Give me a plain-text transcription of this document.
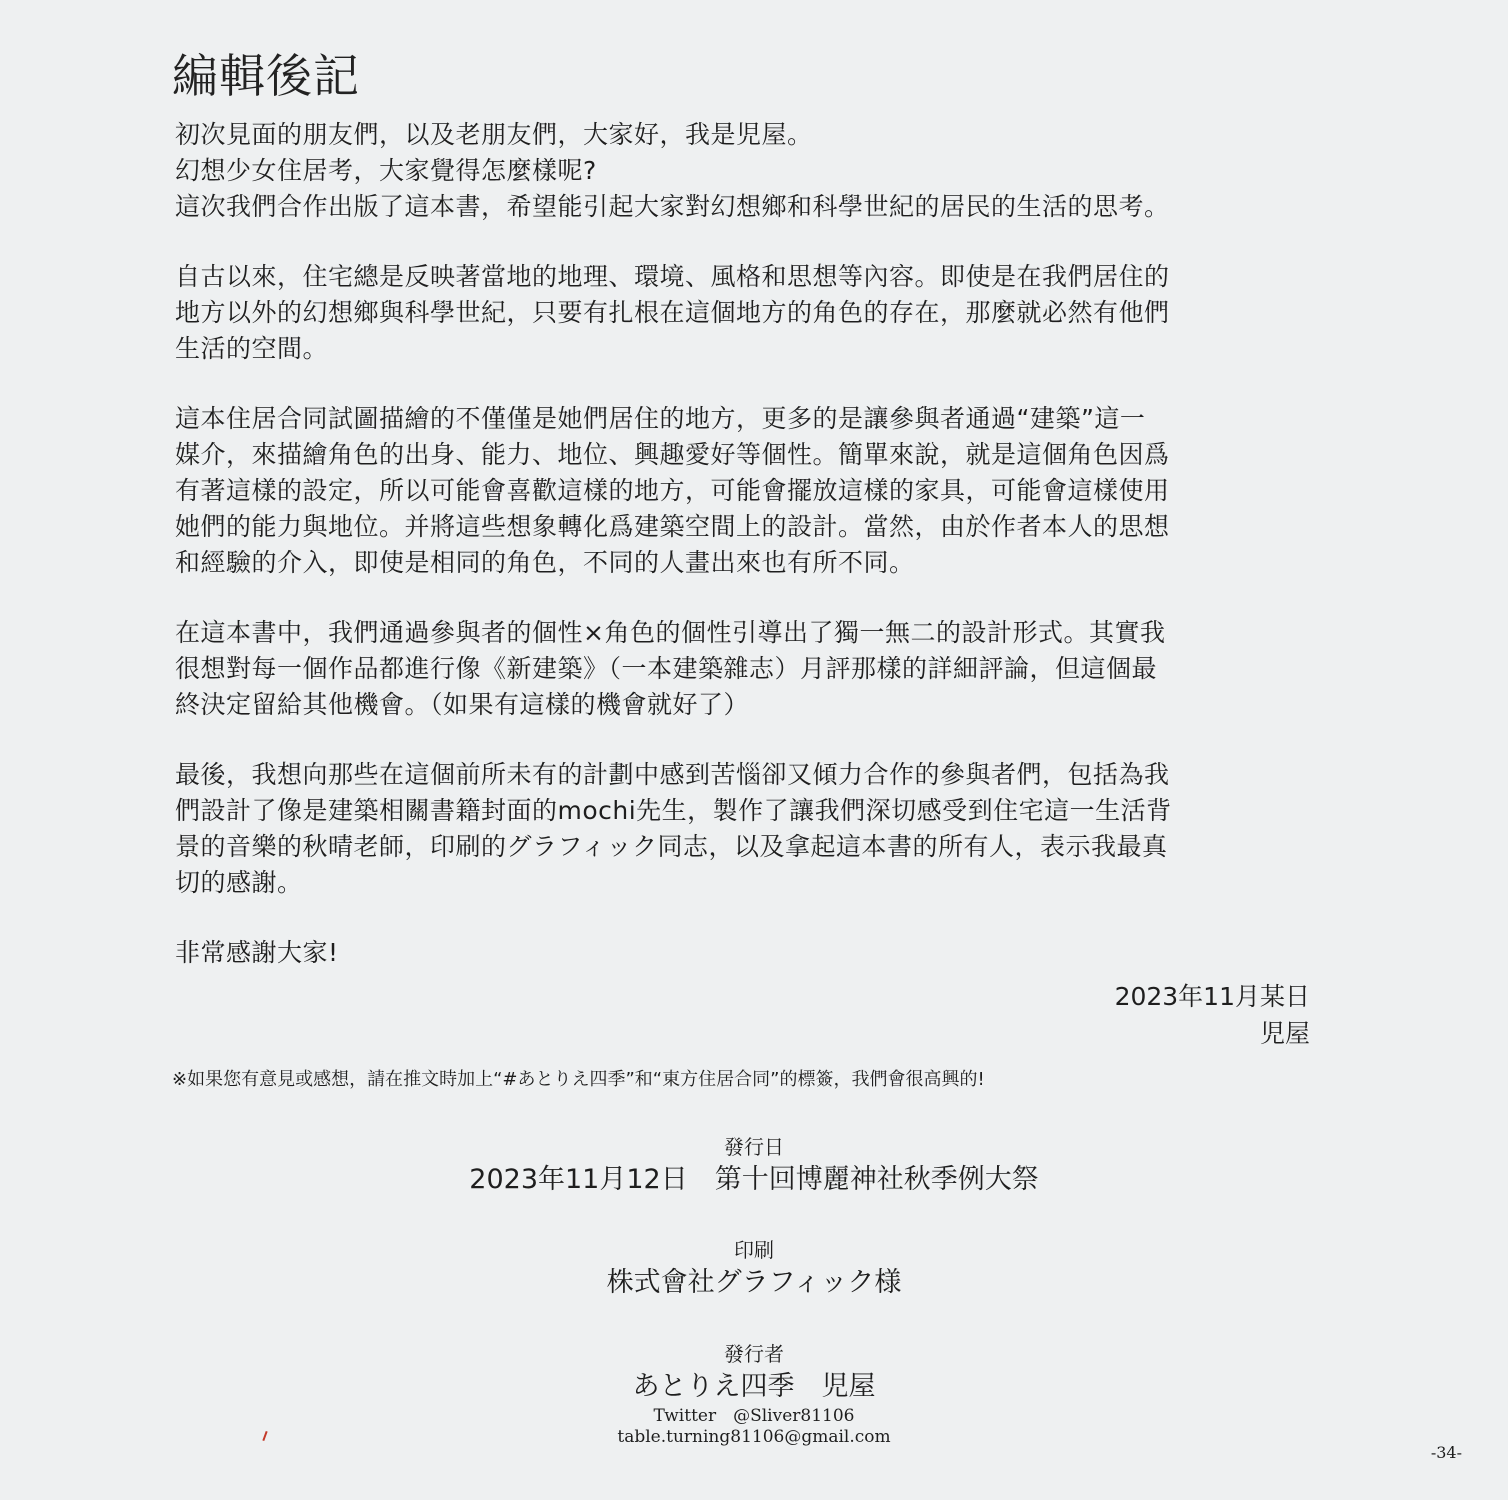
編輯後記

初次見面的朋友們，以及老朋友們，大家好，我是児屋。
幻想少女住居考，大家覺得怎麼樣呢?
這次我們合作出版了這本書，希望能引起大家對幻想鄉和科學世紀的居民的生活的思考。

自古以來，住宅總是反映著當地的地理、環境、風格和思想等內容。即使是在我們居住的
地方以外的幻想鄉與科學世紀，只要有扎根在這個地方的角色的存在，那麼就必然有他們
生活的空間。

這本住居合同試圖描繪的不僅僅是她們居住的地方，更多的是讓參與者通過“建築”這一
媒介，來描繪角色的出身、能力、地位、興趣愛好等個性。簡單來說，就是這個角色因爲
有著這樣的設定，所以可能會喜歡這樣的地方，可能會擺放這樣的家具，可能會這樣使用
她們的能力與地位。并將這些想象轉化爲建築空間上的設計。當然，由於作者本人的思想
和經驗的介入，即使是相同的角色，不同的人畫出來也有所不同。

在這本書中，我們通過參與者的個性×角色的個性引導出了獨一無二的設計形式。其實我
很想對每一個作品都進行像《新建築》（一本建築雜志）月評那樣的詳細評論，但這個最
終決定留給其他機會。（如果有這樣的機會就好了）

最後，我想向那些在這個前所未有的計劃中感到苦惱卻又傾力合作的參與者們，包括為我
們設計了像是建築相關書籍封面的mochi先生，製作了讓我們深切感受到住宅這一生活背
景的音樂的秋晴老師，印刷的グラフィック同志，以及拿起這本書的所有人，表示我最真
切的感謝。

非常感謝大家!

2023年11月某日
児屋
※如果您有意見或感想，請在推文時加上“#あとりえ四季”和“東方住居合同”的標簽，我們會很高興的!
發行日
2023年11月12日　第十回博麗神社秋季例大祭
印刷
株式會社グラフィック様
發行者
あとりえ四季　児屋
Twitter　@Sliver81106
table.turning81106@gmail.com
-34-
